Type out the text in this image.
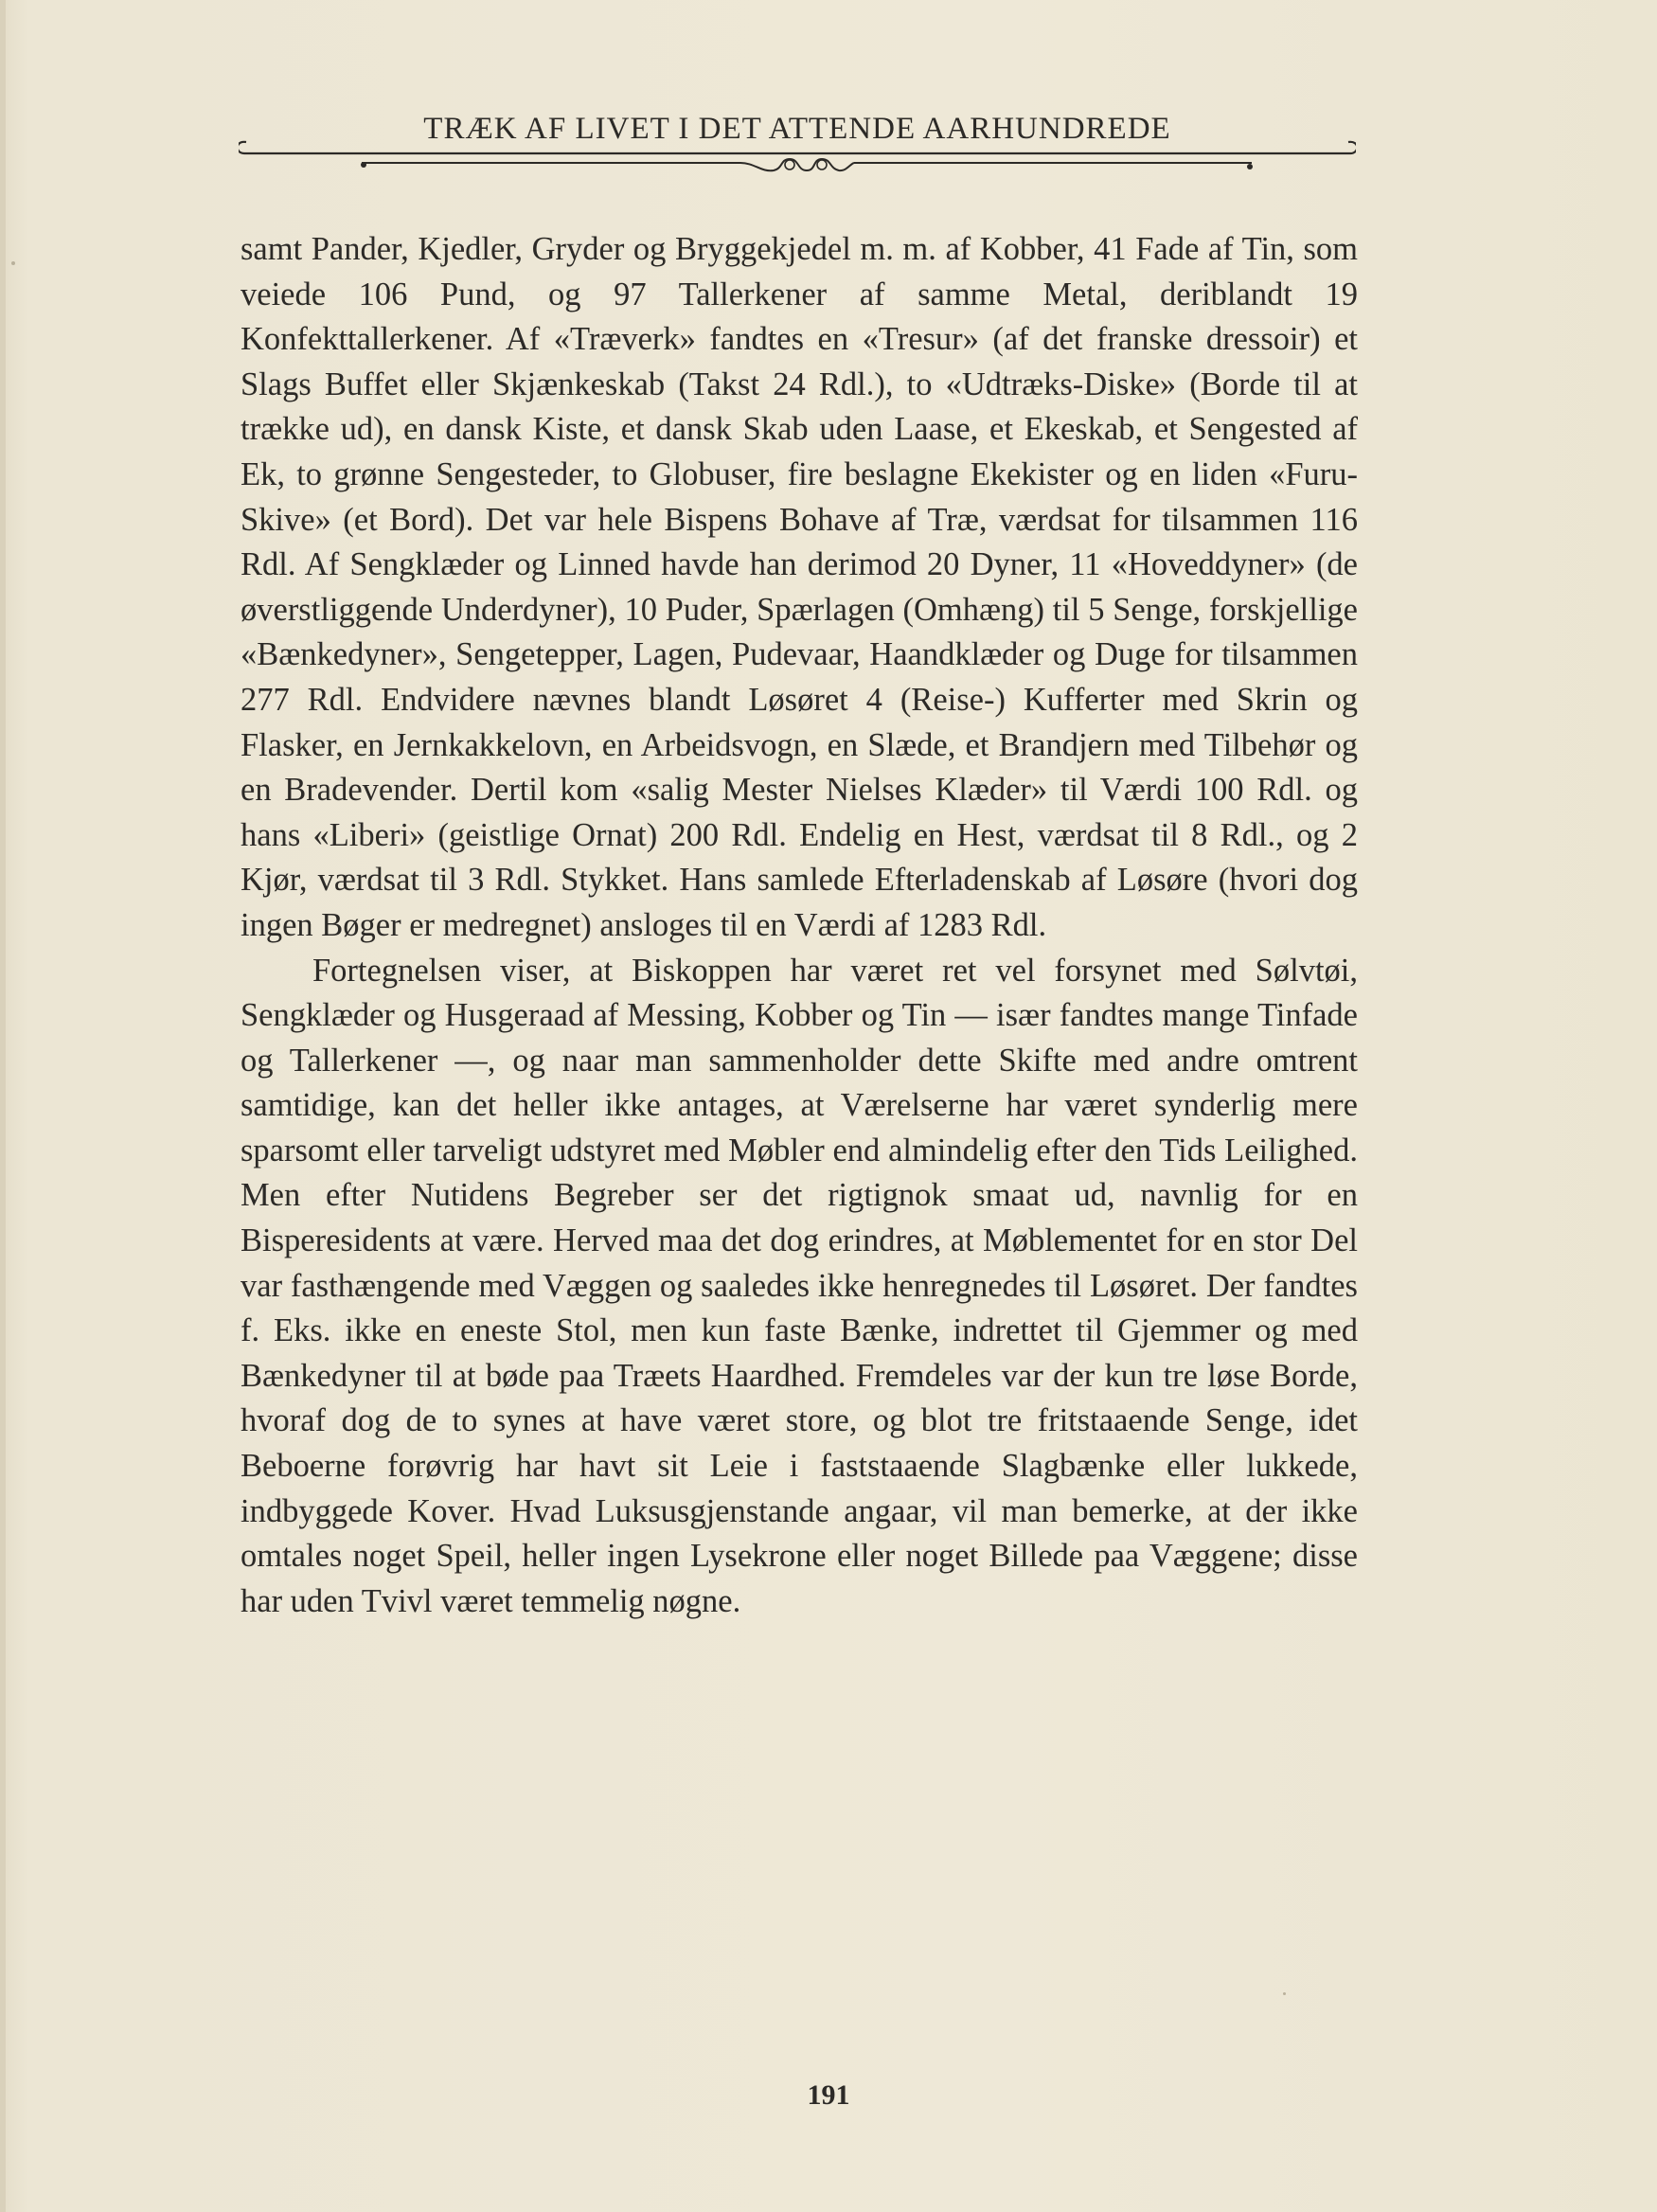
TRÆK AF LIVET I DET ATTENDE AARHUNDREDE

samt Pander, Kjedler, Gryder og Bryggekjedel m. m. af Kobber, 41 Fade af Tin, som veiede 106 Pund, og 97 Tallerkener af samme Metal, deriblandt 19 Konfekttallerkener. Af «Træverk» fandtes en «Tresur» (af det franske dressoir) et Slags Buffet eller Skjænkeskab (Takst 24 Rdl.), to «Udtræks-Diske» (Borde til at trække ud), en dansk Kiste, et dansk Skab uden Laase, et Ekeskab, et Sengested af Ek, to grønne Sengesteder, to Globuser, fire beslagne Ekekister og en liden «Furu-Skive» (et Bord). Det var hele Bispens Bohave af Træ, værdsat for tilsammen 116 Rdl. Af Sengklæder og Linned havde han derimod 20 Dyner, 11 «Hoveddyner» (de øverstliggende Underdyner), 10 Puder, Spærlagen (Omhæng) til 5 Senge, forskjellige «Bænkedyner», Sengetepper, Lagen, Pudevaar, Haandklæder og Duge for tilsammen 277 Rdl. Endvidere nævnes blandt Løsøret 4 (Reise-) Kufferter med Skrin og Flasker, en Jernkakkelovn, en Arbeidsvogn, en Slæde, et Brandjern med Tilbehør og en Bradevender. Dertil kom «salig Mester Nielses Klæder» til Værdi 100 Rdl. og hans «Liberi» (geistlige Ornat) 200 Rdl. Endelig en Hest, værdsat til 8 Rdl., og 2 Kjør, værdsat til 3 Rdl. Stykket. Hans samlede Efterladenskab af Løsøre (hvori dog ingen Bøger er medregnet) ansloges til en Værdi af 1283 Rdl.

Fortegnelsen viser, at Biskoppen har været ret vel forsynet med Sølvtøi, Sengklæder og Husgeraad af Messing, Kobber og Tin — især fandtes mange Tinfade og Tallerkener —, og naar man sammenholder dette Skifte med andre omtrent samtidige, kan det heller ikke antages, at Værelserne har været synderlig mere sparsomt eller tarveligt udstyret med Møbler end almindelig efter den Tids Leilighed. Men efter Nutidens Begreber ser det rigtignok smaat ud, navnlig for en Bisperesidents at være. Herved maa det dog erindres, at Møblementet for en stor Del var fasthængende med Væggen og saaledes ikke henregnedes til Løsøret. Der fandtes f. Eks. ikke en eneste Stol, men kun faste Bænke, indrettet til Gjemmer og med Bænkedyner til at bøde paa Træets Haardhed. Fremdeles var der kun tre løse Borde, hvoraf dog de to synes at have været store, og blot tre fritstaaende Senge, idet Beboerne forøvrig har havt sit Leie i faststaaende Slagbænke eller lukkede, indbyggede Kover. Hvad Luksusgjenstande angaar, vil man bemerke, at der ikke omtales noget Speil, heller ingen Lysekrone eller noget Billede paa Væggene; disse har uden Tvivl været temmelig nøgne.

191
